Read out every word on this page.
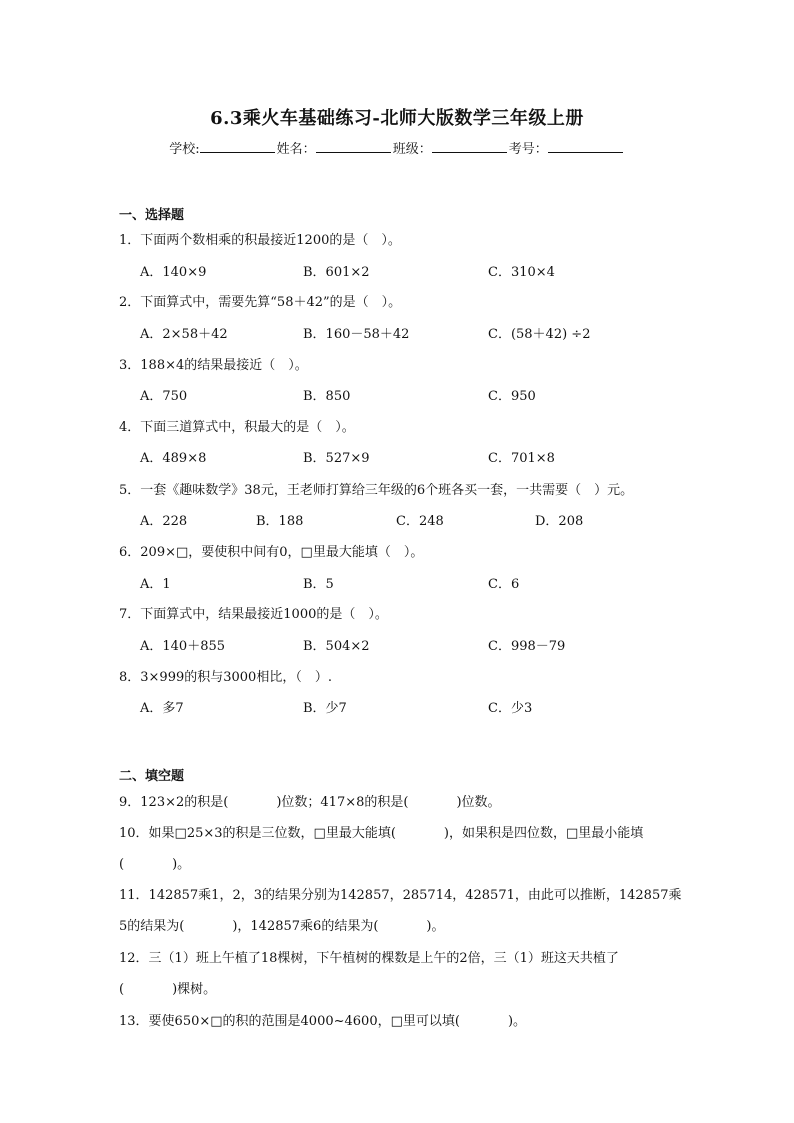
6.3乘火车基础练习-北师大版数学三年级上册
学校:	姓名：	班级：	考号：
一、选择题
1．下面两个数相乘的积最接近1200的是（　）。
A．140×9	B．601×2	C．310×4
2．下面算式中，需要先算“58＋42”的是（　）。
A．2×58＋42	B．160－58＋42	C．(58＋42) ÷2
3．188×4的结果最接近（　）。
A．750	B．850	C．950
4．下面三道算式中，积最大的是（　）。
A．489×8	B．527×9	C．701×8
5．一套《趣味数学》38元，王老师打算给三年级的6个班各买一套，一共需要（　）元。
A．228	B．188	C．248	D．208
6．209×□，要使积中间有0，□里最大能填（　）。
A．1	B．5	C．6
7．下面算式中，结果最接近1000的是（　）。
A．140＋855	B．504×2	C．998－79
8．3×999的积与3000相比，（　）.
A．多7	B．少7	C．少3
二、填空题
9．123×2的积是(	)位数；417×8的积是(	)位数。
10．如果□25×3的积是三位数，□里最大能填(	)，如果积是四位数，□里最小能填
(	)。
11．142857乘1，2，3的结果分别为142857，285714，428571，由此可以推断，142857乘
5的结果为(	)，142857乘6的结果为(	)。
12．三（1）班上午植了18棵树，下午植树的棵数是上午的2倍，三（1）班这天共植了
(	)棵树。
13．要使650×□的积的范围是4000~4600，□里可以填(	)。
